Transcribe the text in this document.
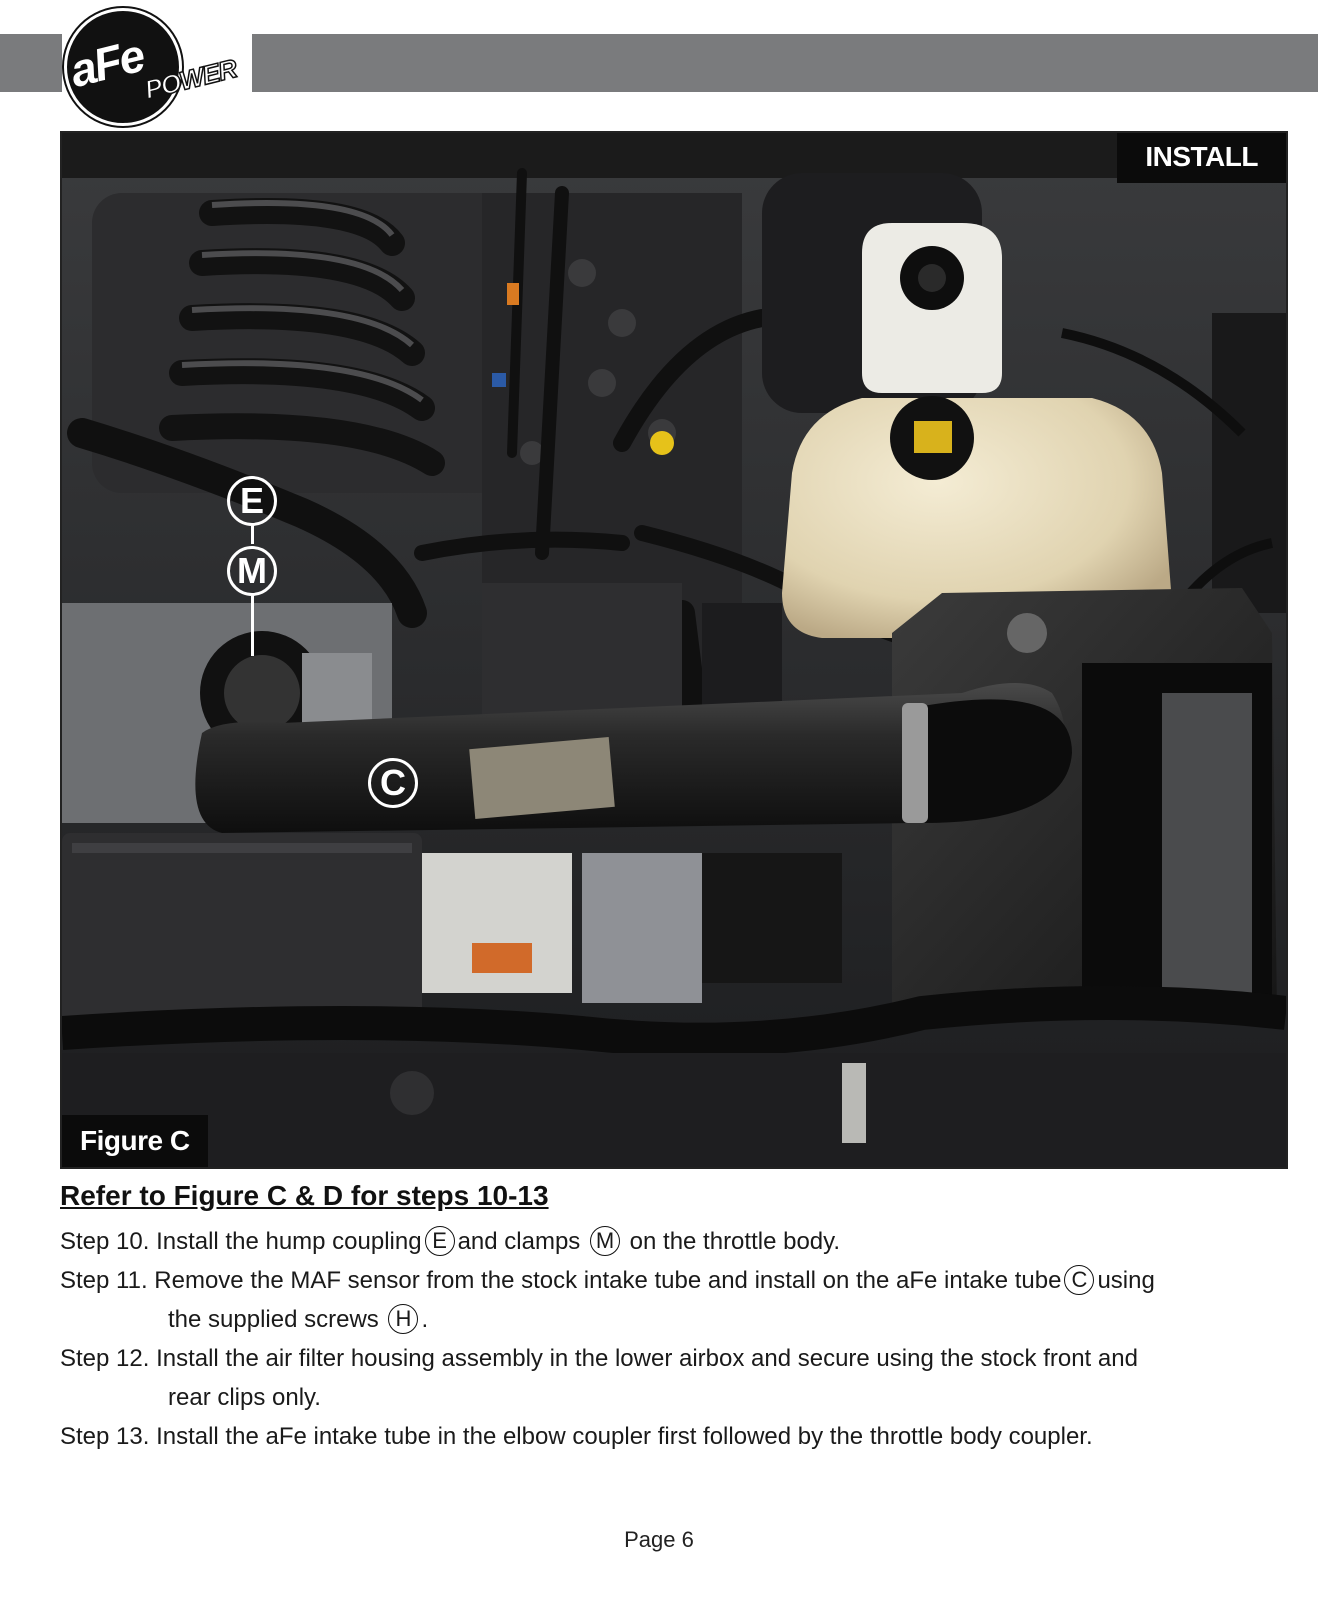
aFe
POWER
INSTALL
Figure C
E
M
C

Refer to Figure C & D for steps 10-13

Step 10. Install the hump coupling E and clamps M on the throttle body.

Step 11. Remove the MAF sensor from the stock intake tube and install on the aFe intake tube C using
the supplied screws H .

Step 12. Install the air filter housing assembly in the lower airbox and secure using the stock front and
rear clips only.

Step 13. Install the aFe intake tube in the elbow coupler first followed by the throttle body coupler.

Page 6
